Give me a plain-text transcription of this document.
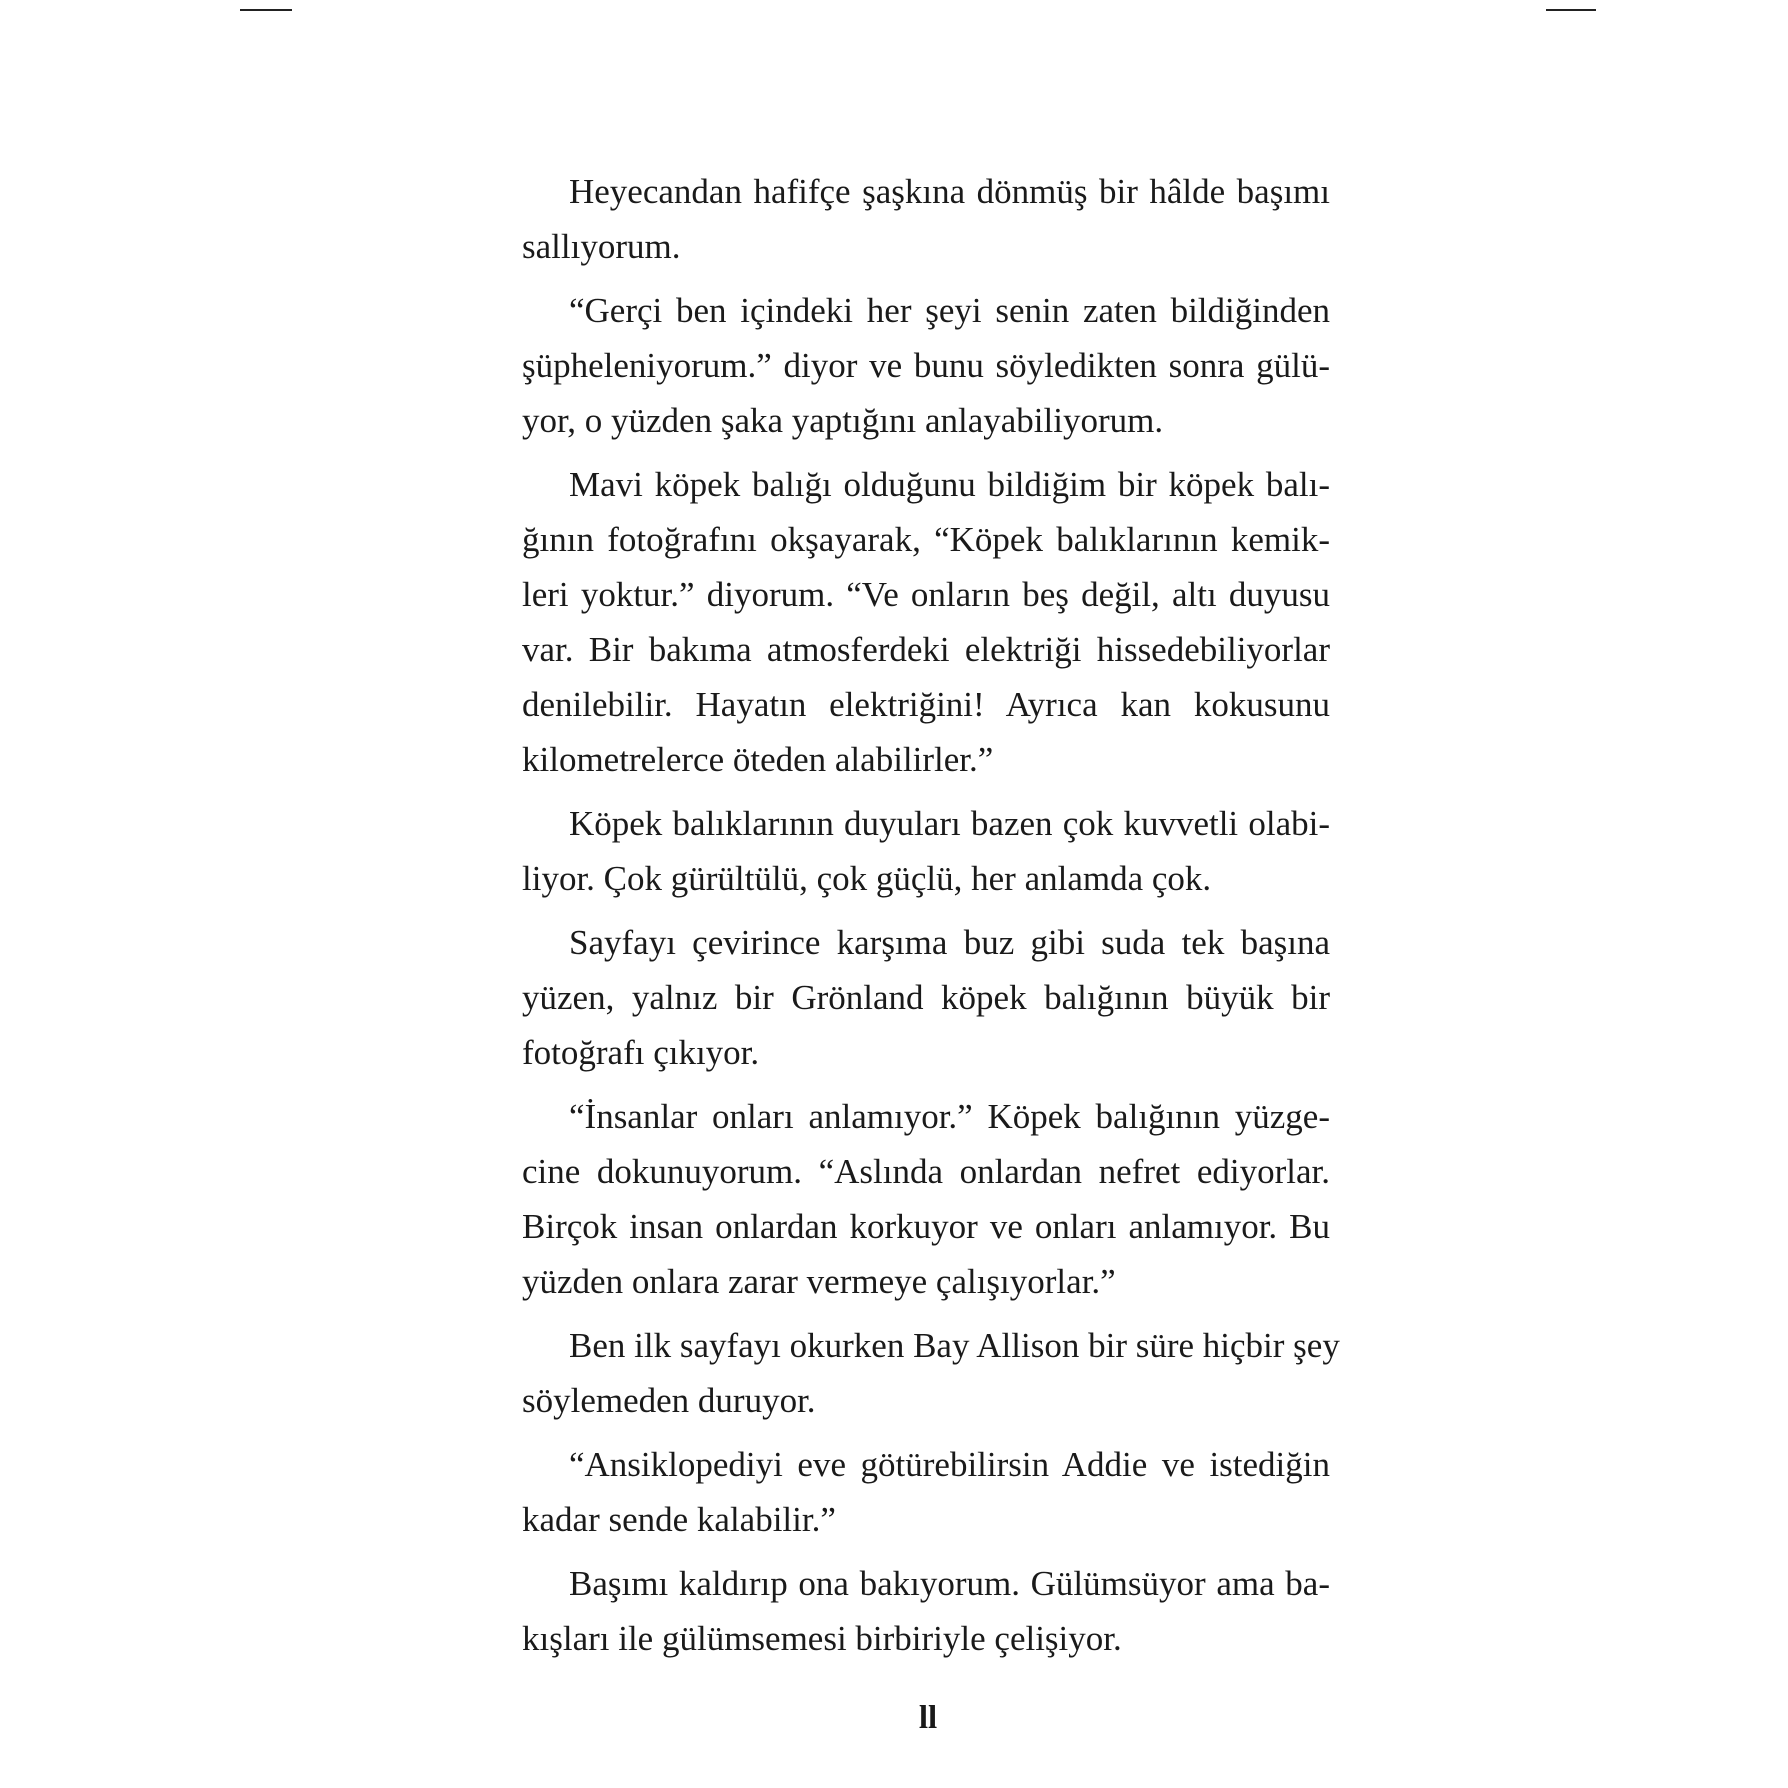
Heyecandan hafifçe şaşkına dönmüş bir hâlde başımı
sallıyorum.

“Gerçi ben içindeki her şeyi senin zaten bildiğinden
şüpheleniyorum.” diyor ve bunu söyledikten sonra gülü-
yor, o yüzden şaka yaptığını anlayabiliyorum.

Mavi köpek balığı olduğunu bildiğim bir köpek balı-
ğının fotoğrafını okşayarak, “Köpek balıklarının kemik-
leri yoktur.” diyorum. “Ve onların beş değil, altı duyusu
var. Bir bakıma atmosferdeki elektriği hissedebiliyorlar
denilebilir. Hayatın elektriğini! Ayrıca kan kokusunu
kilometrelerce öteden alabilirler.”

Köpek balıklarının duyuları bazen çok kuvvetli olabi-
liyor. Çok gürültülü, çok güçlü, her anlamda çok.

Sayfayı çevirince karşıma buz gibi suda tek başına
yüzen, yalnız bir Grönland köpek balığının büyük bir
fotoğrafı çıkıyor.

“İnsanlar onları anlamıyor.” Köpek balığının yüzge-
cine dokunuyorum. “Aslında onlardan nefret ediyorlar.
Birçok insan onlardan korkuyor ve onları anlamıyor. Bu
yüzden onlara zarar vermeye çalışıyorlar.”

Ben ilk sayfayı okurken Bay Allison bir süre hiçbir şey
söylemeden duruyor.

“Ansiklopediyi eve götürebilirsin Addie ve istediğin
kadar sende kalabilir.”

Başımı kaldırıp ona bakıyorum. Gülümsüyor ama ba-
kışları ile gülümsemesi birbiriyle çelişiyor.

ll
